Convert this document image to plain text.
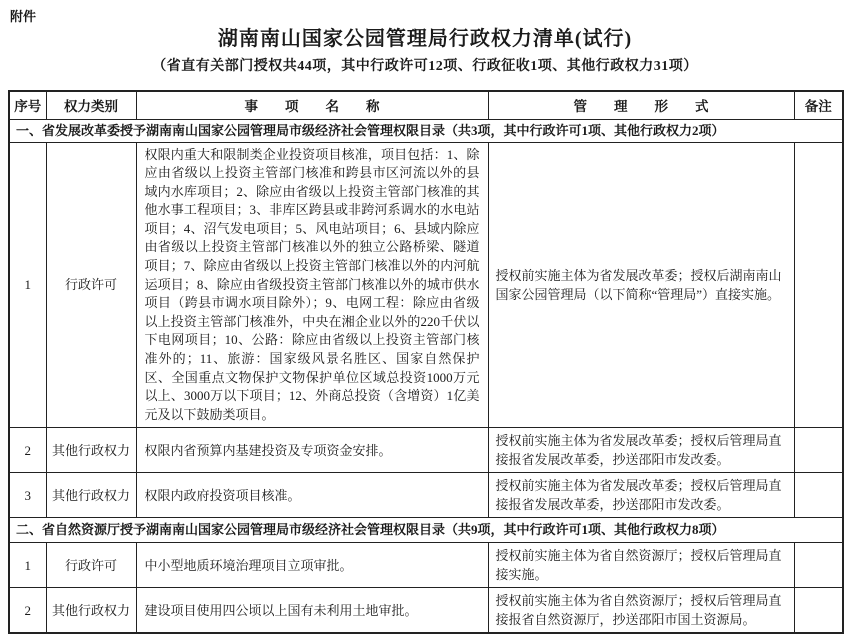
附件
湖南南山国家公园管理局行政权力清单(试行)
（省直有关部门授权共44项，其中行政许可12项、行政征收1项、其他行政权力31项）
序号	权力类别	事　　项　　名　　称	管　　理　　形　　式	备注
一、省发展改革委授予湖南南山国家公园管理局市级经济社会管理权限目录（共3项，其中行政许可1项、其他行政权力2项）				
1	行政许可	权限内重大和限制类企业投资项目核准，项目包括：1、除应由省级以上投资主管部门核准和跨县市区河流以外的县域内水库项目；2、除应由省级以上投资主管部门核准的其他水事工程项目；3、非库区跨县或非跨河系调水的水电站项目；4、沼气发电项目；5、风电站项目；6、县域内除应由省级以上投资主管部门核准以外的独立公路桥梁、隧道项目；7、除应由省级以上投资主管部门核准以外的内河航运项目；8、除应由省级投资主管部门核准以外的城市供水项目（跨县市调水项目除外）；9、电网工程：除应由省级以上投资主管部门核准外，中央在湘企业以外的220千伏以下电网项目；10、公路：除应由省级以上投资主管部门核准外的；11、旅游：国家级风景名胜区、国家自然保护区、全国重点文物保护文物保护单位区域总投资1000万元以上、3000万以下项目；12、外商总投资（含增资）1亿美元及以下鼓励类项目。	授权前实施主体为省发展改革委；授权后湖南南山国家公园管理局（以下简称“管理局”）直接实施。	
2	其他行政权力	权限内省预算内基建投资及专项资金安排。	授权前实施主体为省发展改革委；授权后管理局直接报省发展改革委，抄送邵阳市发改委。	
3	其他行政权力	权限内政府投资项目核准。	授权前实施主体为省发展改革委；授权后管理局直接报省发展改革委，抄送邵阳市发改委。	
二、省自然资源厅授予湖南南山国家公园管理局市级经济社会管理权限目录（共9项，其中行政许可1项、其他行政权力8项）				
1	行政许可	中小型地质环境治理项目立项审批。	授权前实施主体为省自然资源厅；授权后管理局直接实施。	
2	其他行政权力	建设项目使用四公顷以上国有未利用土地审批。	授权前实施主体为省自然资源厅；授权后管理局直接报省自然资源厅，抄送邵阳市国土资源局。	
